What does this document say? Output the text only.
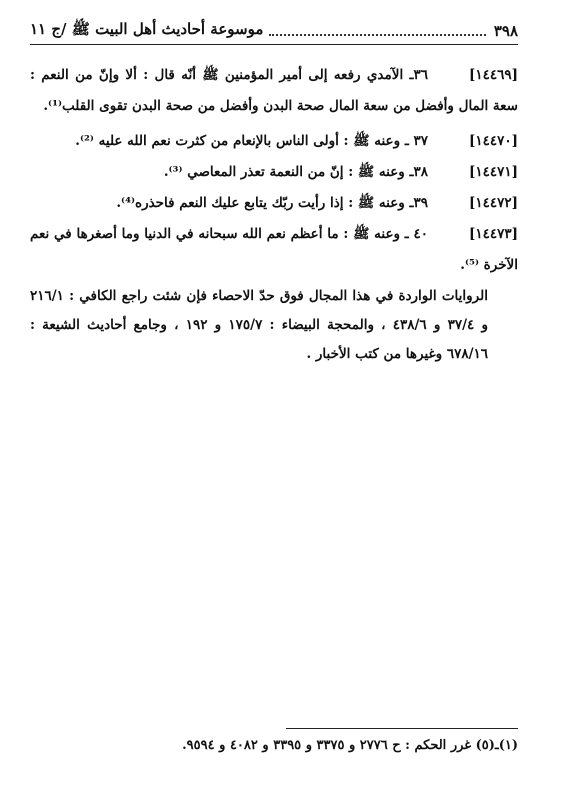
٣٩٨
موسوعة أحاديث أهل البيت ﷺ /ج ١١
[١٤٤٦٩]
٣٦ـ الآمدي رفعه إلى أمير المؤمنين ﷺ أنّه قال : ألا وإنّ من النعم : سعة المال وأفضل من سعة المال صحة البدن وأفضل من صحة البدن تقوى القلب⁽¹⁾.
[١٤٤٧٠]
٣٧ ـ وعنه ﷺ : أولى الناس بالإنعام من كثرت نعم الله عليه ⁽²⁾.
[١٤٤٧١]
٣٨ـ وعنه ﷺ : إنّ من النعمة تعذر المعاصي ⁽³⁾.
[١٤٤٧٢]
٣٩ـ وعنه ﷺ : إذا رأيت ربّك يتابع عليك النعم فاحذره⁽⁴⁾.
[١٤٤٧٣]
٤٠ ـ وعنه ﷺ : ما أعظم نعم الله سبحانه في الدنيا وما أصغرها في نعم الآخرة ⁽⁵⁾.
الروايات الواردة في هذا المجال فوق حدّ الاحصاء فإن شئت راجع الكافي : ٢١٦/١ و ٣٧/٤ و ٤٣٨/٦ ، والمحجة البيضاء : ١٧٥/٧ و ١٩٢ ، وجامع أحاديث الشيعة : ٦٧٨/١٦ وغيرها من كتب الأخبار .
(١)ـ(٥) غرر الحكم : ح ٢٧٧٦ و ٣٣٧٥ و ٣٣٩٥ و ٤٠٨٢ و ٩٥٩٤.
